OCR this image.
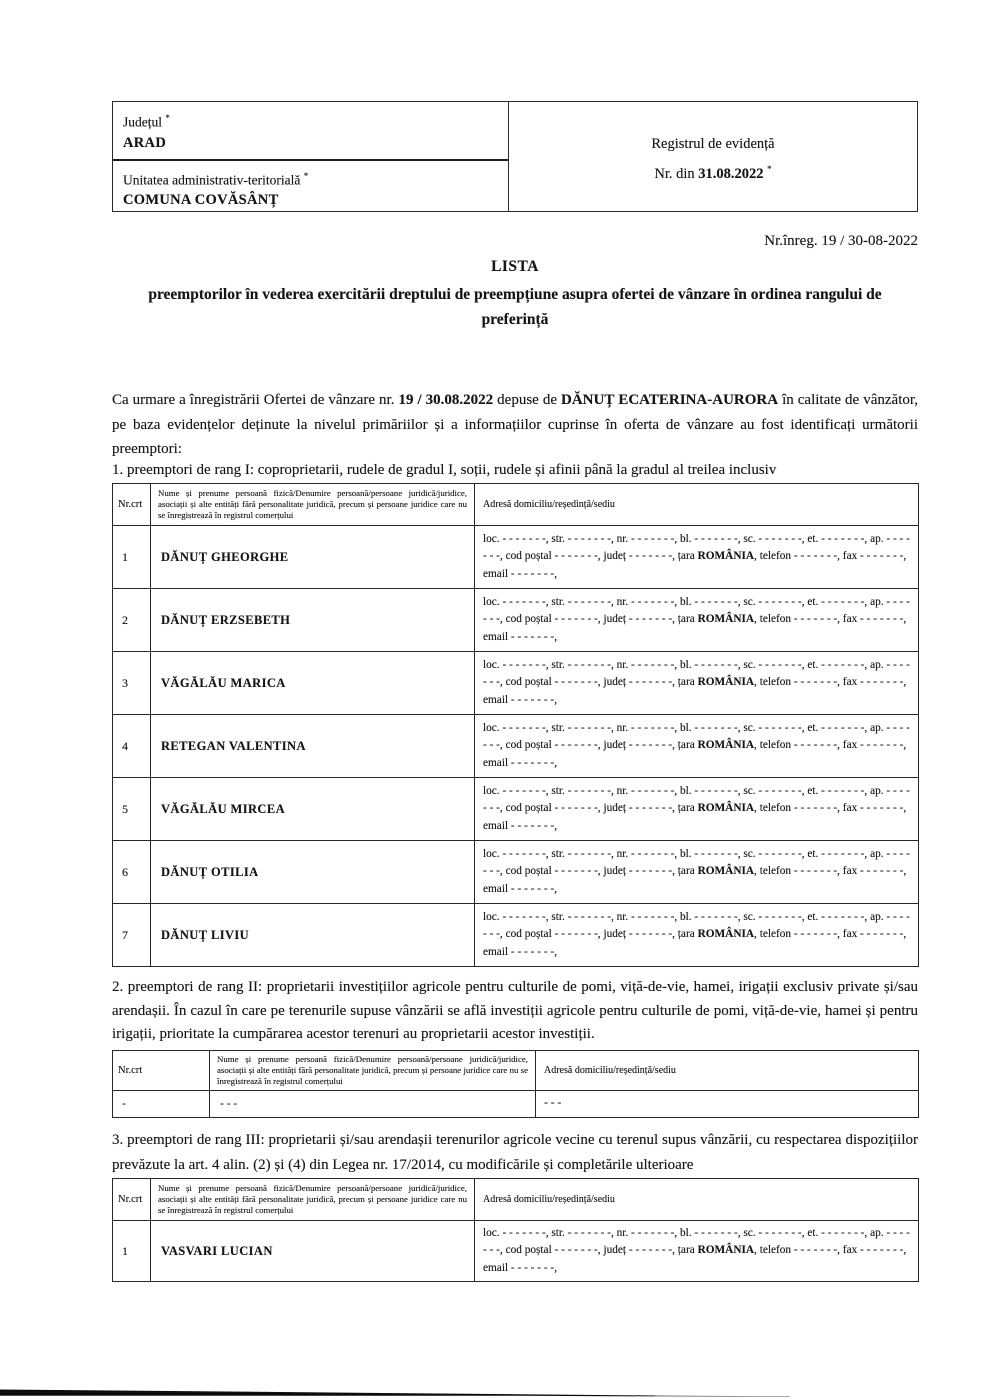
Județul *
ARAD
Unitatea administrativ-teritorială *
COMUNA COVĂSÂNȚ
Registrul de evidență
Nr. din 31.08.2022 *
Nr.înreg. 19 / 30-08-2022
LISTA
preemptorilor în vederea exercitării dreptului de preempțiune asupra ofertei de vânzare în ordinea rangului de
preferință
Ca urmare a înregistrării Ofertei de vânzare nr. 19 / 30.08.2022 depuse de DĂNUȚ ECATERINA-AURORA în calitate de vânzător, pe baza evidențelor deținute la nivelul primăriilor și a informațiilor cuprinse în oferta de vânzare au fost identificați următorii preemptori:
1. preemptori de rang I: coproprietarii, rudele de gradul I, soții, rudele și afinii până la gradul al treilea inclusiv
Nr.crt	Nume și prenume persoană fizică/Denumire persoană/persoane juridică/juridice, asociații și alte entități fără personalitate juridică, precum și persoane juridice care nu se înregistrează în registrul comerțului	Adresă domiciliu/reședință/sediu
1	DĂNUȚ GHEORGHE	loc. - - - - - - -, str. - - - - - - -, nr. - - - - - - -, bl. - - - - - - -, sc. - - - - - - -, et. - - - - - - -, ap. - - - - - - -, cod poștal - - - - - - -, județ - - - - - - -, țara ROMÂNIA, telefon - - - - - - -, fax - - - - - - -, email - - - - - - -,
2	DĂNUȚ ERZSEBETH	loc. - - - - - - -, str. - - - - - - -, nr. - - - - - - -, bl. - - - - - - -, sc. - - - - - - -, et. - - - - - - -, ap. - - - - - - -, cod poștal - - - - - - -, județ - - - - - - -, țara ROMÂNIA, telefon - - - - - - -, fax - - - - - - -, email - - - - - - -,
3	VĂGĂLĂU MARICA	loc. - - - - - - -, str. - - - - - - -, nr. - - - - - - -, bl. - - - - - - -, sc. - - - - - - -, et. - - - - - - -, ap. - - - - - - -, cod poștal - - - - - - -, județ - - - - - - -, țara ROMÂNIA, telefon - - - - - - -, fax - - - - - - -, email - - - - - - -,
4	RETEGAN VALENTINA	loc. - - - - - - -, str. - - - - - - -, nr. - - - - - - -, bl. - - - - - - -, sc. - - - - - - -, et. - - - - - - -, ap. - - - - - - -, cod poștal - - - - - - -, județ - - - - - - -, țara ROMÂNIA, telefon - - - - - - -, fax - - - - - - -, email - - - - - - -,
5	VĂGĂLĂU MIRCEA	loc. - - - - - - -, str. - - - - - - -, nr. - - - - - - -, bl. - - - - - - -, sc. - - - - - - -, et. - - - - - - -, ap. - - - - - - -, cod poștal - - - - - - -, județ - - - - - - -, țara ROMÂNIA, telefon - - - - - - -, fax - - - - - - -, email - - - - - - -,
6	DĂNUȚ OTILIA	loc. - - - - - - -, str. - - - - - - -, nr. - - - - - - -, bl. - - - - - - -, sc. - - - - - - -, et. - - - - - - -, ap. - - - - - - -, cod poștal - - - - - - -, județ - - - - - - -, țara ROMÂNIA, telefon - - - - - - -, fax - - - - - - -, email - - - - - - -,
7	DĂNUȚ LIVIU	loc. - - - - - - -, str. - - - - - - -, nr. - - - - - - -, bl. - - - - - - -, sc. - - - - - - -, et. - - - - - - -, ap. - - - - - - -, cod poștal - - - - - - -, județ - - - - - - -, țara ROMÂNIA, telefon - - - - - - -, fax - - - - - - -, email - - - - - - -,
2. preemptori de rang II: proprietarii investițiilor agricole pentru culturile de pomi, viță-de-vie, hamei, irigații exclusiv private și/sau arendașii. În cazul în care pe terenurile supuse vânzării se află investiții agricole pentru culturile de pomi, viță-de-vie, hamei și pentru irigații, prioritate la cumpărarea acestor terenuri au proprietarii acestor investiții.
Nr.crt	Nume și prenume persoană fizică/Denumire persoană/persoane juridică/juridice, asociații și alte entități fără personalitate juridică, precum și persoane juridice care nu se înregistrează în registrul comerțului	Adresă domiciliu/reședință/sediu
-	- - -	- - -
3. preemptori de rang III: proprietarii și/sau arendașii terenurilor agricole vecine cu terenul supus vânzării, cu respectarea dispozițiilor prevăzute la art. 4 alin. (2) și (4) din Legea nr. 17/2014, cu modificările și completările ulterioare
Nr.crt	Nume și prenume persoană fizică/Denumire persoană/persoane juridică/juridice, asociații și alte entități fără personalitate juridică, precum și persoane juridice care nu se înregistrează în registrul comerțului	Adresă domiciliu/reședință/sediu
1	VASVARI LUCIAN	loc. - - - - - - -, str. - - - - - - -, nr. - - - - - - -, bl. - - - - - - -, sc. - - - - - - -, et. - - - - - - -, ap. - - - - - - -, cod poștal - - - - - - -, județ - - - - - - -, țara ROMÂNIA, telefon - - - - - - -, fax - - - - - - -, email - - - - - - -,
